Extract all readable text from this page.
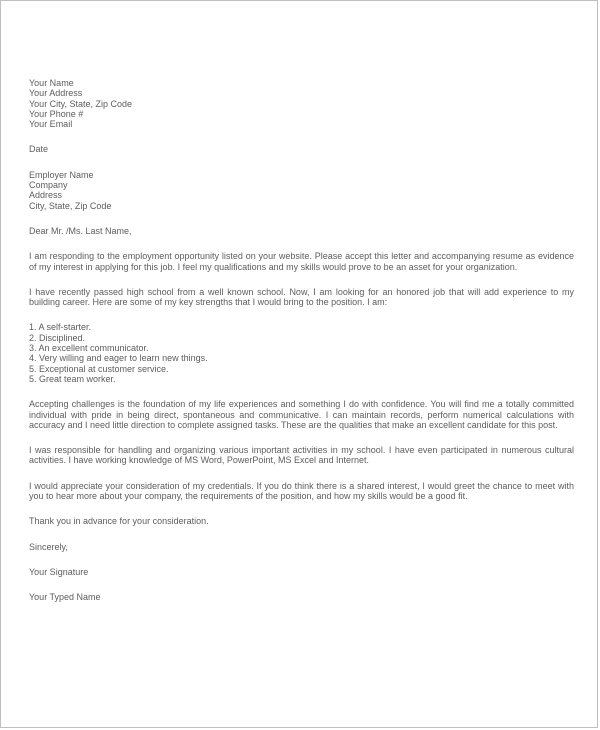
Your Name
Your Address
Your City, State, Zip Code
Your Phone #
Your Email
Date
Employer Name
Company
Address
City, State, Zip Code
Dear Mr. /Ms. Last Name,

I am responding to the employment opportunity listed on your website. Please accept this letter and accompanying resume as evidence of my interest in applying for this job. I feel my qualifications and my skills would prove to be an asset for your organization.

I have recently passed high school from a well known school. Now, I am looking for an honored job that will add experience to my building career. Here are some of my key strengths that I would bring to the position. I am:

1. A self-starter.
2. Disciplined.
3. An excellent communicator.
4. Very willing and eager to learn new things.
5. Exceptional at customer service.
5. Great team worker.

Accepting challenges is the foundation of my life experiences and something I do with confidence. You will find me a totally committed individual with pride in being direct, spontaneous and communicative. I can maintain records, perform numerical calculations with accuracy and I need little direction to complete assigned tasks. These are the qualities that make an excellent candidate for this post.

I was responsible for handling and organizing various important activities in my school. I have even participated in numerous cultural activities. I have working knowledge of MS Word, PowerPoint, MS Excel and Internet.

I would appreciate your consideration of my credentials. If you do think there is a shared interest, I would greet the chance to meet with you to hear more about your company, the requirements of the position, and how my skills would be a good fit.

Thank you in advance for your consideration.
Sincerely,
Your Signature
Your Typed Name
